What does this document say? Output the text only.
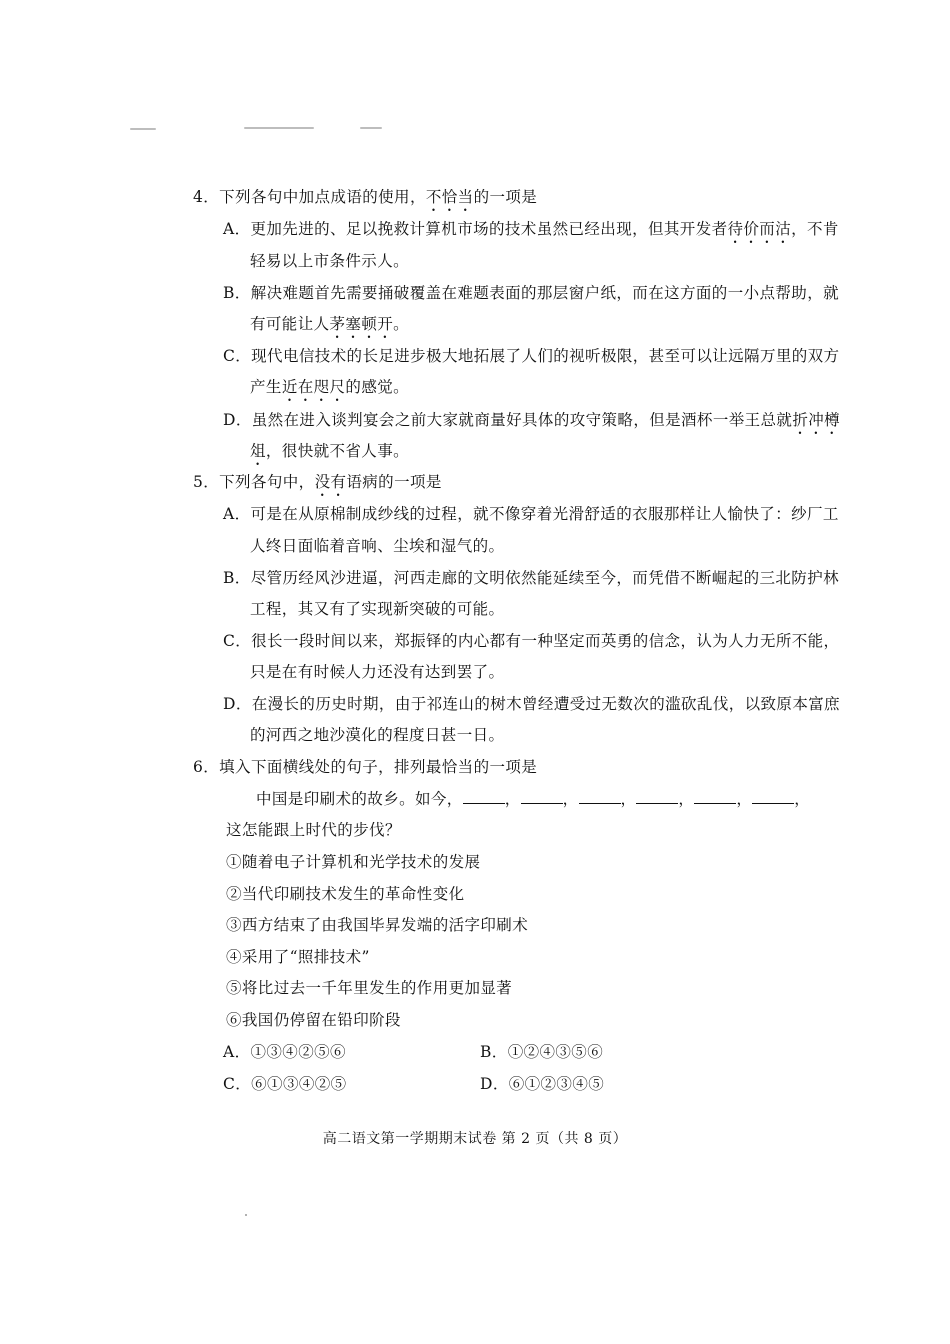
4．下列各句中加点成语的使用，不恰当的一项是
A．更加先进的、足以挽救计算机市场的技术虽然已经出现，但其开发者待价而沽，不肯
轻易以上市条件示人。
B．解决难题首先需要捅破覆盖在难题表面的那层窗户纸，而在这方面的一小点帮助，就
有可能让人茅塞顿开。
C．现代电信技术的长足进步极大地拓展了人们的视听极限，甚至可以让远隔万里的双方
产生近在咫尺的感觉。
D．虽然在进入谈判宴会之前大家就商量好具体的攻守策略，但是酒杯一举王总就折冲樽
俎，很快就不省人事。
5．下列各句中，没有语病的一项是
A．可是在从原棉制成纱线的过程，就不像穿着光滑舒适的衣服那样让人愉快了：纱厂工
人终日面临着音响、尘埃和湿气的。
B．尽管历经风沙进逼，河西走廊的文明依然能延续至今，而凭借不断崛起的三北防护林
工程，其又有了实现新突破的可能。
C．很长一段时间以来，郑振铎的内心都有一种坚定而英勇的信念，认为人力无所不能，
只是在有时候人力还没有达到罢了。
D．在漫长的历史时期，由于祁连山的树木曾经遭受过无数次的滥砍乱伐，以致原本富庶
的河西之地沙漠化的程度日甚一日。
6．填入下面横线处的句子，排列最恰当的一项是
中国是印刷术的故乡。如今，	，	，	，	，	，	，
这怎能跟上时代的步伐？
①随着电子计算机和光学技术的发展
②当代印刷技术发生的革命性变化
③西方结束了由我国毕昇发端的活字印刷术
④采用了“照排技术”
⑤将比过去一千年里发生的作用更加显著
⑥我国仍停留在铅印阶段
A．①③④②⑤⑥	B．①②④③⑤⑥
C．⑥①③④②⑤	D．⑥①②③④⑤
高二语文第一学期期末试卷 第 2 页（共 8 页）
